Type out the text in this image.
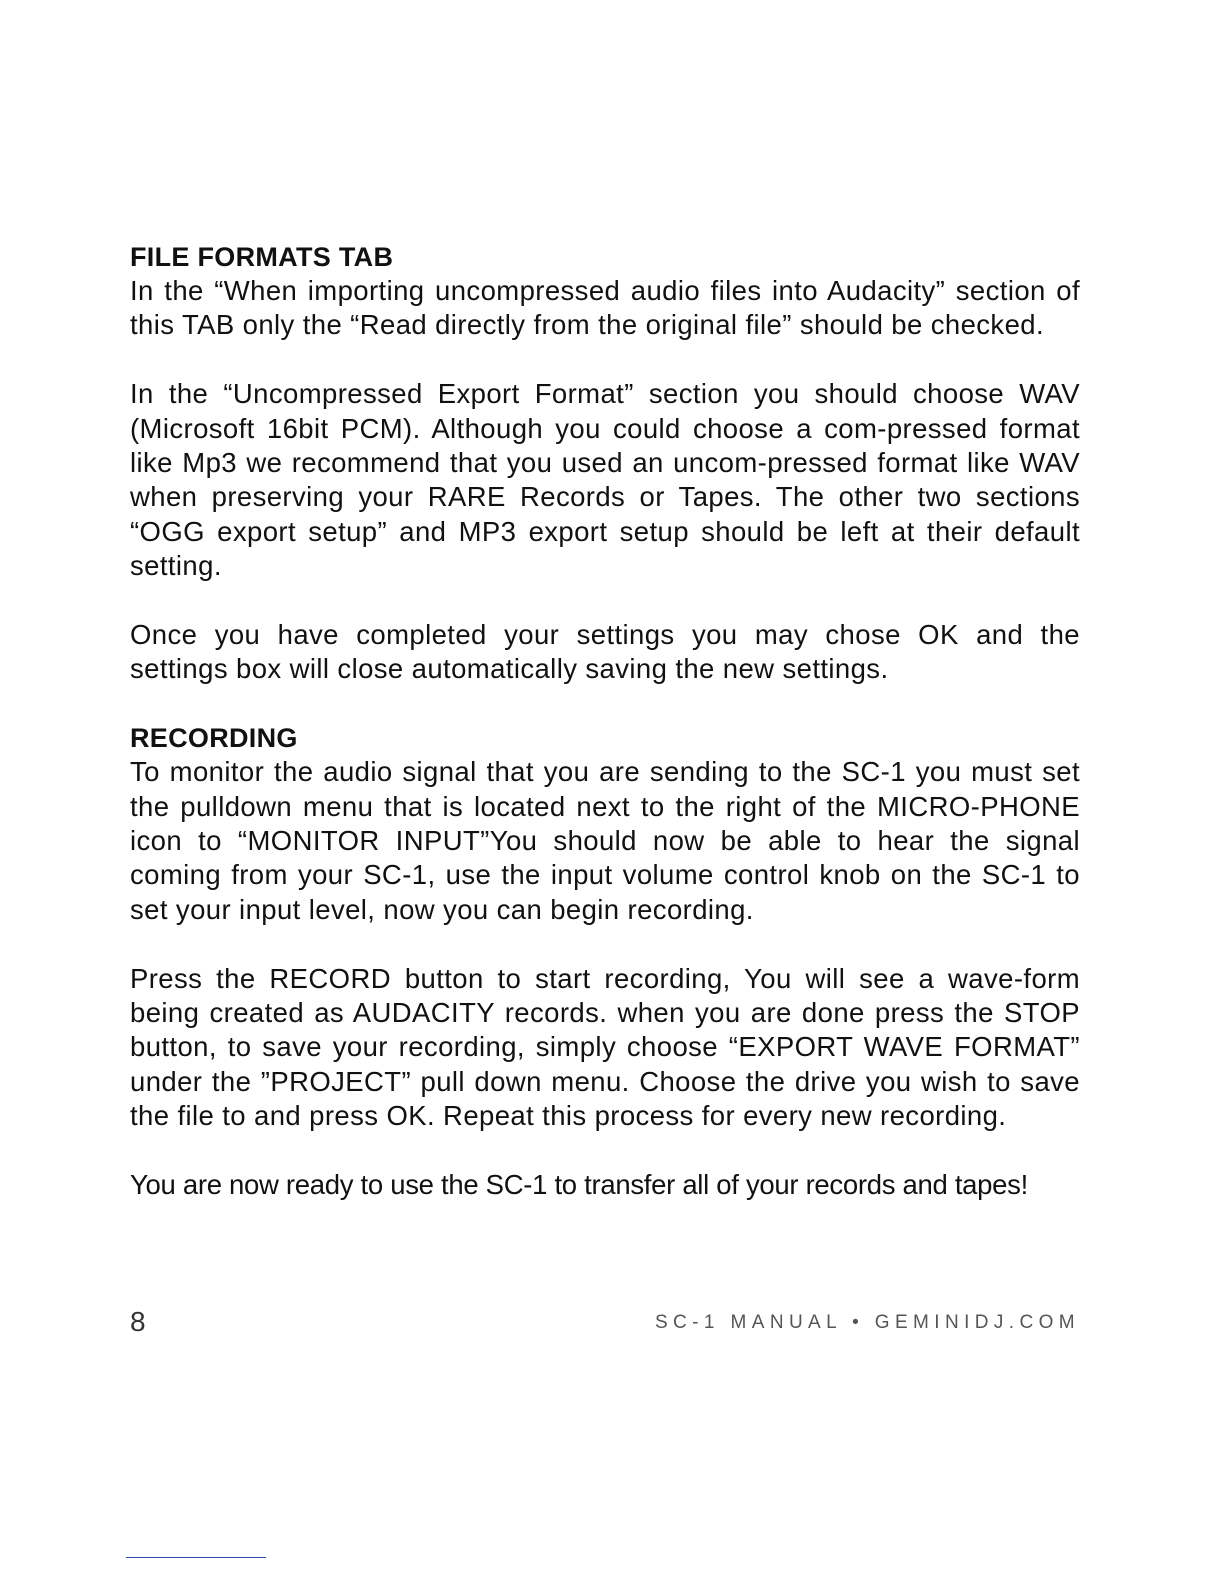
FILE FORMATS TAB

In the “When importing uncompressed audio files into Audacity” section of this TAB only the “Read directly from the original file” should be checked.

In the “Uncompressed Export Format” section you should choose WAV (Microsoft 16bit PCM). Although you could choose a com-pressed format like Mp3 we recommend that you used an uncom-pressed format like WAV when preserving your RARE Records or Tapes. The other two sections “OGG export setup” and MP3 export setup should be left at their default setting.

Once you have completed your settings you may chose OK and the settings box will close automatically saving the new settings.

RECORDING

To monitor the audio signal that you are sending to the SC-1 you must set the pulldown menu that is located next to the right of the MICRO-PHONE icon to “MONITOR INPUT”You should now be able to hear the signal coming from your SC-1, use the input volume control knob on the SC-1 to set your input level, now you can begin recording.

Press the RECORD button to start recording, You will see a wave-form being created as AUDACITY records. when you are done press the STOP button, to save your recording, simply choose “EXPORT WAVE FORMAT” under the ”PROJECT” pull down menu. Choose the drive you wish to save the file to and press OK. Repeat this process for every new recording.

You are now ready to use the SC-1 to transfer all of your records and tapes!

8	SC-1 MANUAL • GEMINIDJ.COM
